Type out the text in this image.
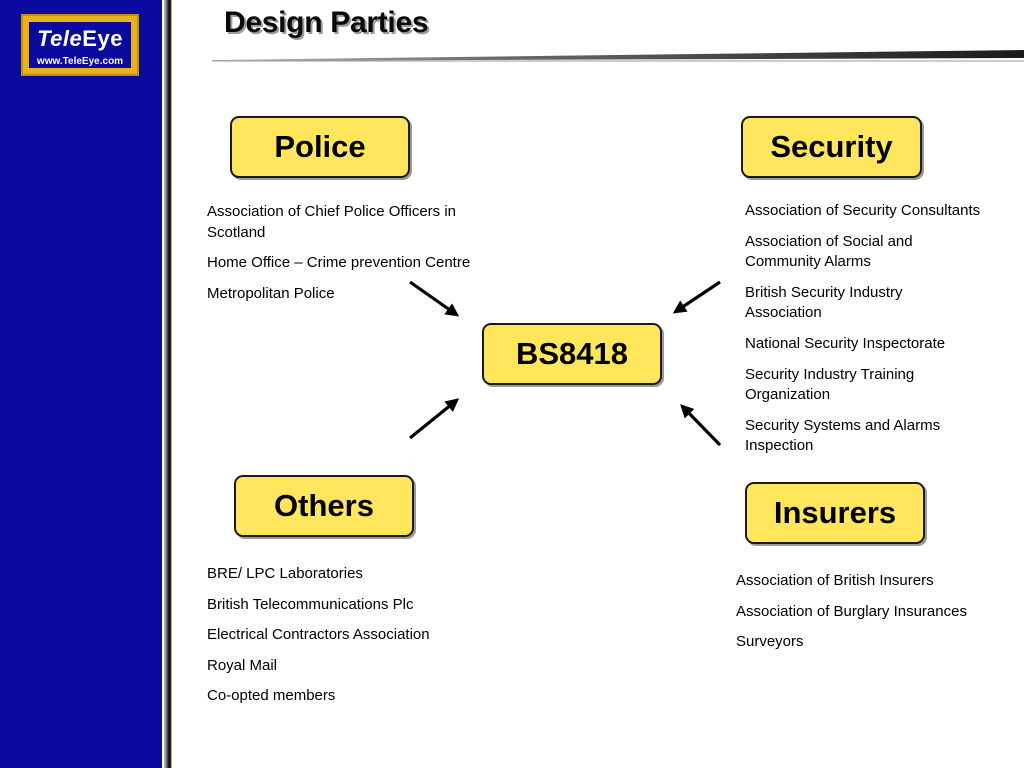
TeleEye
www.TeleEye.com
Design Parties
Police	Security
BS8418
Others	Insurers
Association of Chief Police Officers in Scotland
Home Office – Crime prevention Centre
Metropolitan Police
Association of Security Consultants
Association of Social and Community Alarms
British Security Industry Association
National Security Inspectorate
Security Industry Training Organization
Security Systems and Alarms Inspection
BRE/ LPC Laboratories
British Telecommunications Plc
Electrical Contractors Association
Royal Mail
Co-opted members
Association of British Insurers
Association of Burglary Insurances
Surveyors
